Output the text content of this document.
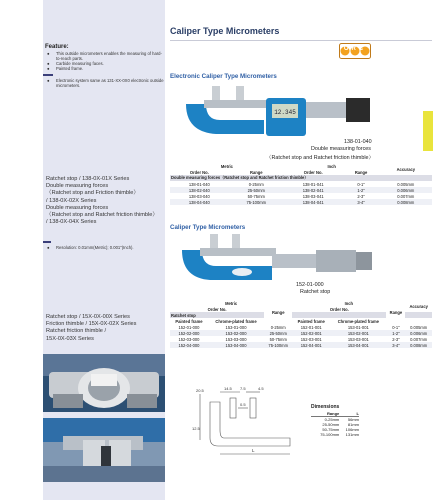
Feature:
● This outside micrometers enables the measuring of hard-to-reach parts.
● Carbide measuring faces.
● Painted frame.
● Electronic system same as 131-XX-0X0 electronic outside micrometers.
Ratchet stop / 138-0X-01X Series
Double measuring forces
（Ratchet stop and Friction thimble）
/ 138-0X-02X Series
Double measuring forces
（Ratchet stop and Ratchet friction thimble）
/ 138-0X-04X Series
● Resolution: 0.01mm(Metric); 0.001"(Inch).
Ratchet stop / 15X-0X-00X Series
Friction thimble / 15X-0X-02X Series
Ratchet friction thimble /
15X-0X-03X Series
Caliper Type Micrometers
ORC
Electronic Caliper Type Micrometers
12.345
138-01-040
Double measuring forces
（Ratchet stop and Ratchet friction thimble）
Metric		Inch		Accuracy
Order No.	Range	Order No.	Range	
Double measuring forces（Ratchet stop and Ratchet friction thimble）				
138-01-040	0-25mm	138-01-041	0-1"	0.005mm
138-02-040	25-50mm	138-02-041	1-2"	0.006mm
138-03-040	50-75mm	138-03-041	2-3"	0.007mm
138-04-040	75-100mm	138-04-041	3-4"	0.008mm
Caliper Type Micrometers
152-01-000
Ratchet stop
Metric			Inch			Accuracy
Order No.		Range	Order No.		Range	
Ratchet stop						
Painted frame	Chrome-plated frame		Painted frame	Chrome-plated frame		
152-01-000	153-01-000	0-25mm	152-01-001	153-01-001	0-1"	0.005mm
152-02-000	153-02-000	25-50mm	152-02-001	153-02-001	1-2"	0.006mm
152-03-000	153-03-000	50-75mm	152-03-001	153-03-001	2-3"	0.007mm
152-04-000	153-04-000	75-100mm	152-04-001	153-04-001	3-4"	0.008mm
20.5	14.5 7.5	4.5
0.5
12.5
L
Dimensions
Range	L
0-25mm	56mm
25-50mm	81mm
50-75mm	106mm
75-100mm	131mm
